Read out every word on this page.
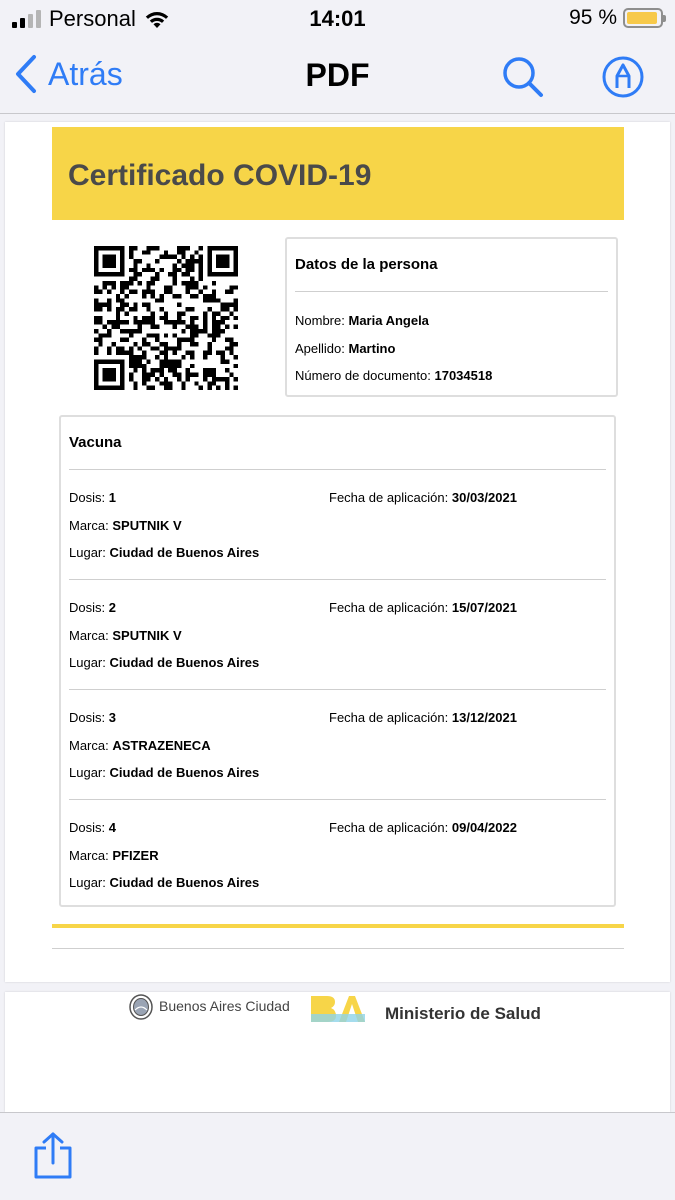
Personal	14:01	95 %
Atrás	PDF
Certificado COVID-19
Datos de la persona
Nombre: Maria Angela
Apellido: Martino
Número de documento: 17034518
Vacuna
Dosis: 1	Fecha de aplicación: 30/03/2021
Marca: SPUTNIK V
Lugar: Ciudad de Buenos Aires
Dosis: 2	Fecha de aplicación: 15/07/2021
Marca: SPUTNIK V
Lugar: Ciudad de Buenos Aires
Dosis: 3	Fecha de aplicación: 13/12/2021
Marca: ASTRAZENECA
Lugar: Ciudad de Buenos Aires
Dosis: 4	Fecha de aplicación: 09/04/2022
Marca: PFIZER
Lugar: Ciudad de Buenos Aires
Buenos Aires Ciudad	Ministerio de Salud
